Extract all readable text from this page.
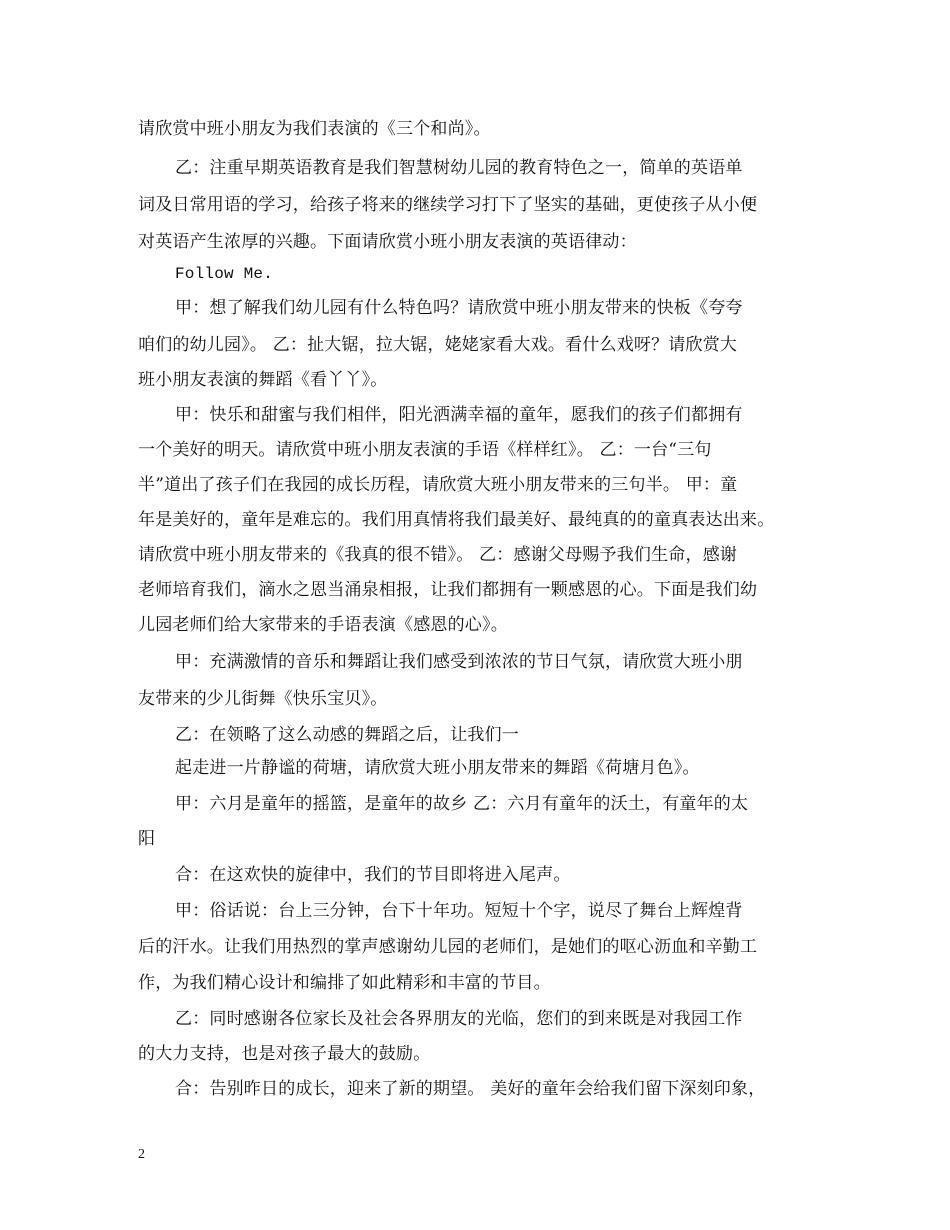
请欣赏中班小朋友为我们表演的《三个和尚》。
乙：注重早期英语教育是我们智慧树幼儿园的教育特色之一，简单的英语单
词及日常用语的学习，给孩子将来的继续学习打下了坚实的基础，更使孩子从小便
对英语产生浓厚的兴趣。下面请欣赏小班小朋友表演的英语律动：
Follow Me.
甲：想了解我们幼儿园有什么特色吗？请欣赏中班小朋友带来的快板《夸夸
咱们的幼儿园》。 乙：扯大锯，拉大锯，姥姥家看大戏。看什么戏呀？请欣赏大
班小朋友表演的舞蹈《看丫丫》。
甲：快乐和甜蜜与我们相伴，阳光洒满幸福的童年，愿我们的孩子们都拥有
一个美好的明天。请欣赏中班小朋友表演的手语《样样红》。 乙：一台“三句
半”道出了孩子们在我园的成长历程，请欣赏大班小朋友带来的三句半。 甲：童
年是美好的，童年是难忘的。我们用真情将我们最美好、最纯真的的童真表达出来。
请欣赏中班小朋友带来的《我真的很不错》。 乙：感谢父母赐予我们生命，感谢
老师培育我们，滴水之恩当涌泉相报，让我们都拥有一颗感恩的心。下面是我们幼
儿园老师们给大家带来的手语表演《感恩的心》。
甲：充满激情的音乐和舞蹈让我们感受到浓浓的节日气氛，请欣赏大班小朋
友带来的少儿街舞《快乐宝贝》。
乙：在领略了这么动感的舞蹈之后，让我们一
起走进一片静谧的荷塘，请欣赏大班小朋友带来的舞蹈《荷塘月色》。
甲：六月是童年的摇篮，是童年的故乡 乙：六月有童年的沃土，有童年的太
阳
合：在这欢快的旋律中，我们的节目即将进入尾声。
甲：俗话说：台上三分钟，台下十年功。短短十个字，说尽了舞台上辉煌背
后的汗水。让我们用热烈的掌声感谢幼儿园的老师们，是她们的呕心沥血和辛勤工
作，为我们精心设计和编排了如此精彩和丰富的节目。
乙：同时感谢各位家长及社会各界朋友的光临，您们的到来既是对我园工作
的大力支持，也是对孩子最大的鼓励。
合：告别昨日的成长，迎来了新的期望。 美好的童年会给我们留下深刻印象，
2
